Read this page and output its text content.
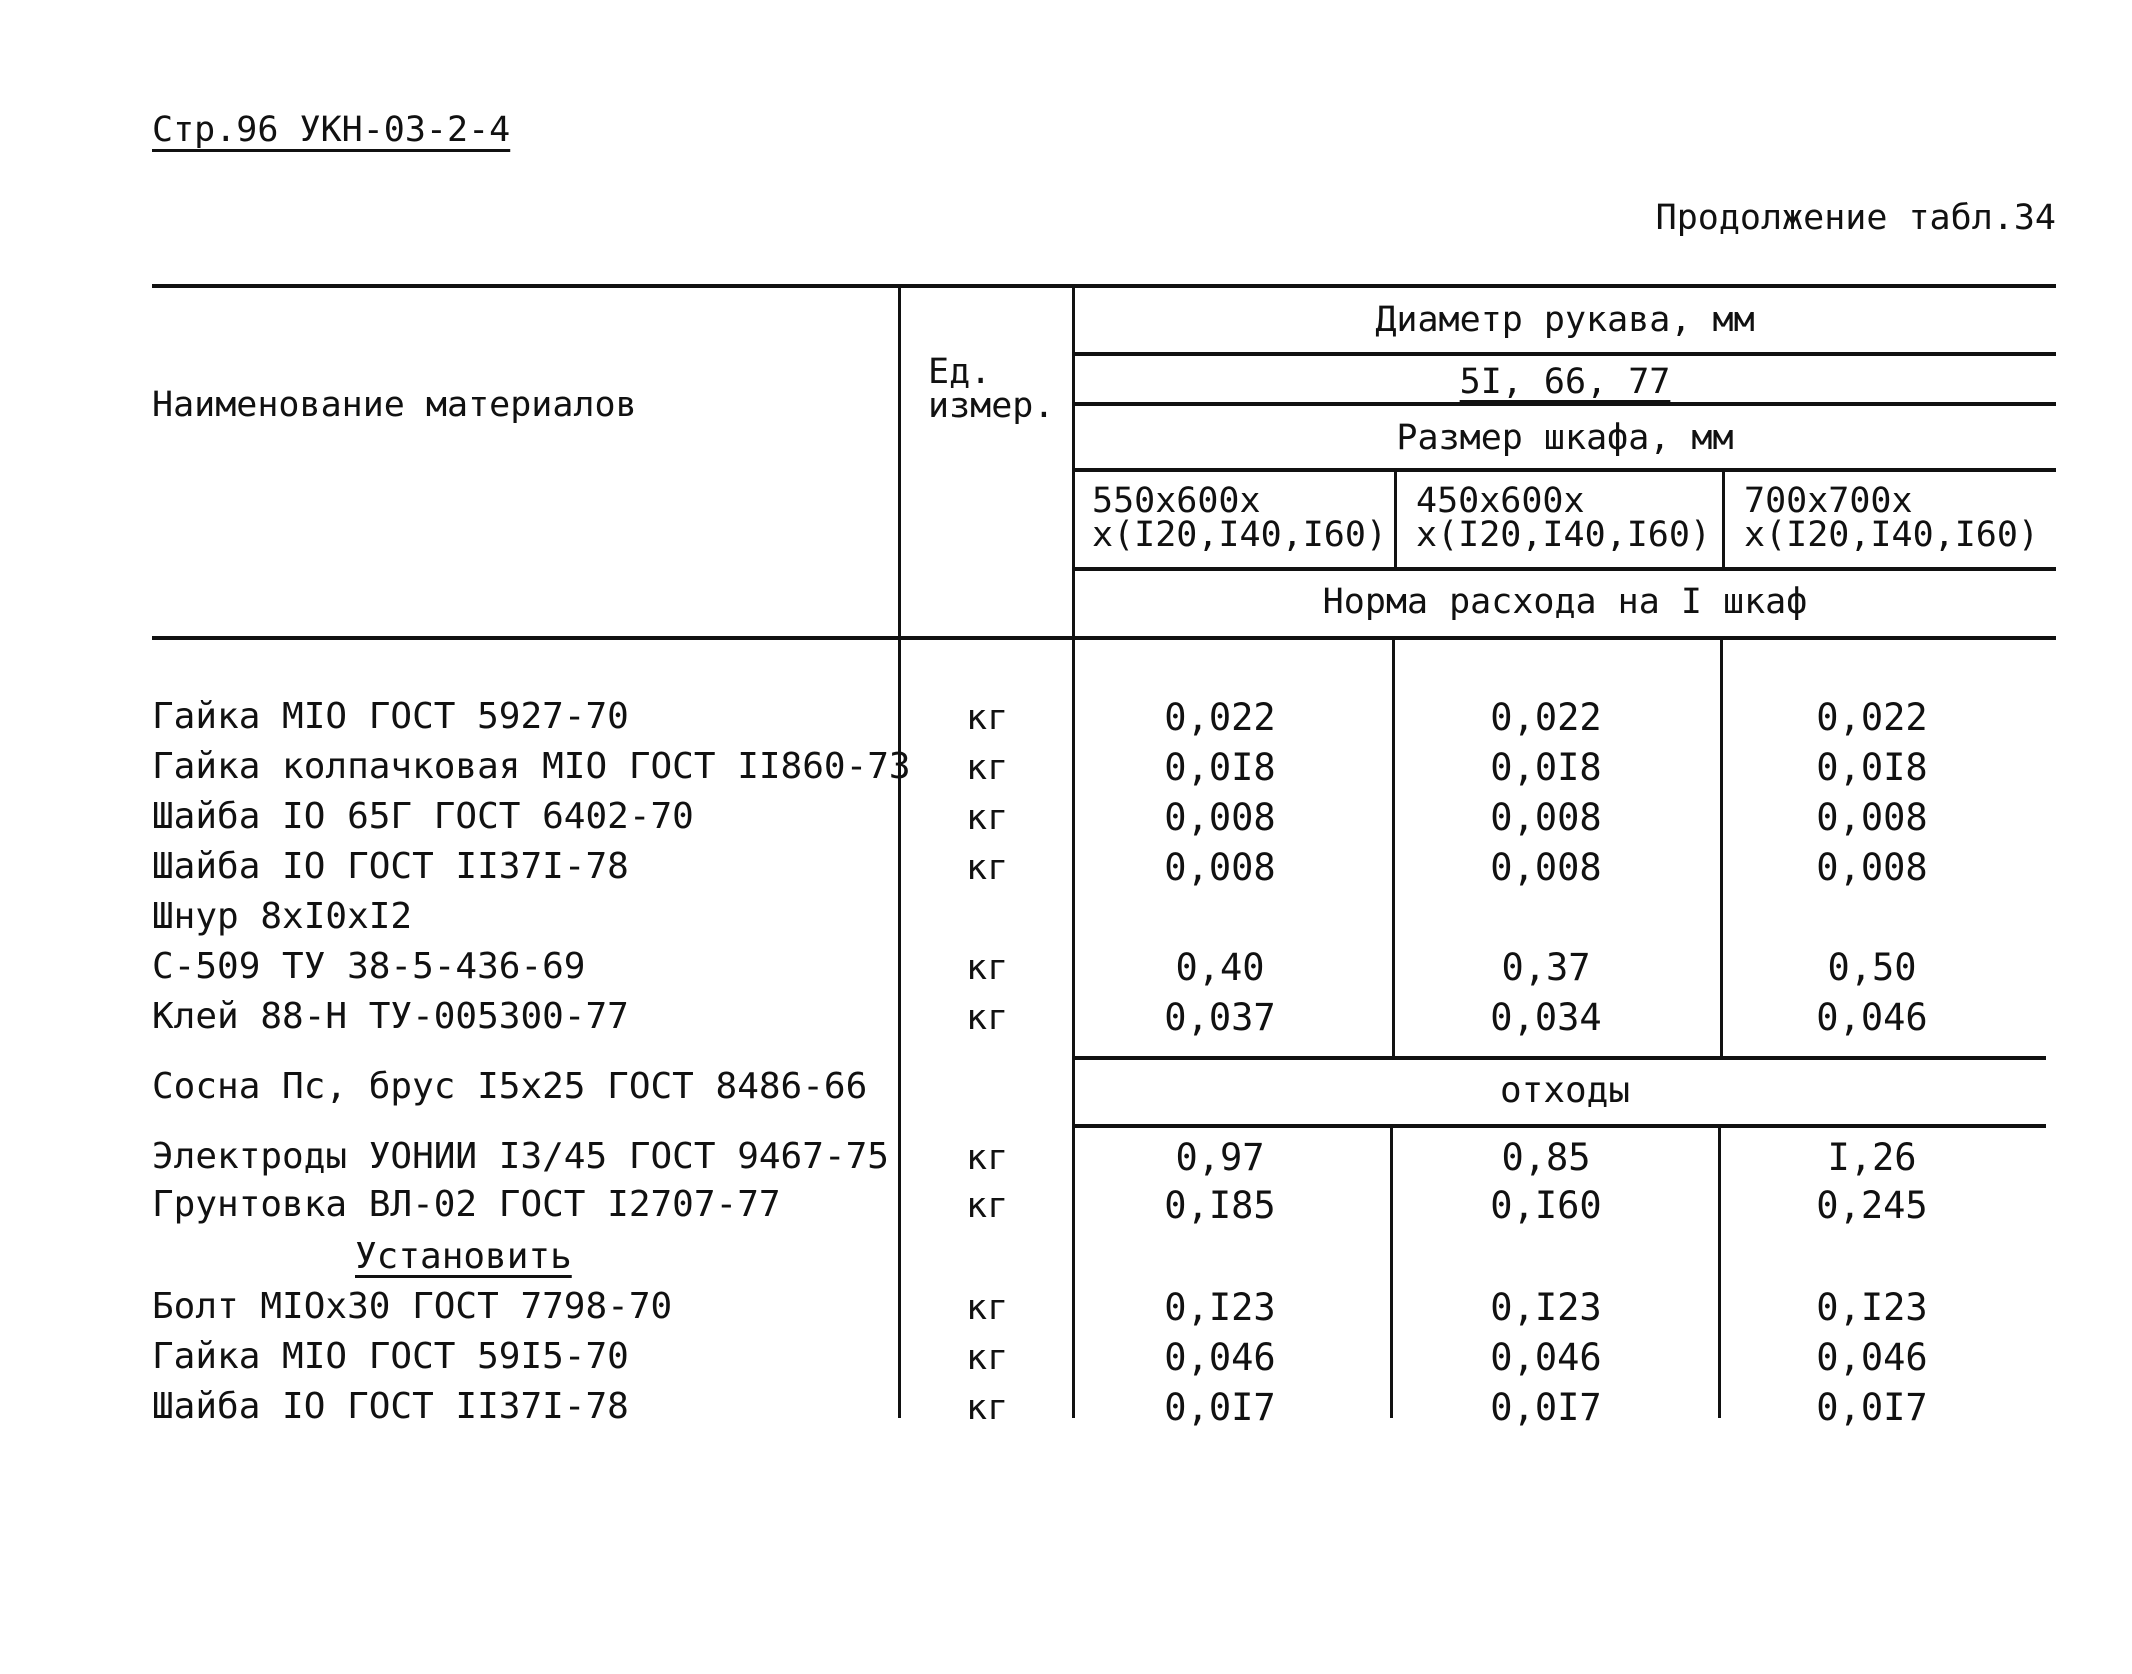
Стр.96 УКН-03-2-4
Продолжение табл.34
Наименование материалов
Ед.
измер.
Диаметр рукава, мм
5I, 66, 77
Размер шкафа, мм
550x600x
x(I20,I40,I60)
450x600x
x(I20,I40,I60)
700x700x
x(I20,I40,I60)
Норма расхода на I шкаф
Гайка MIO ГОСТ 5927-70	кг	0,022	0,022	0,022
Гайка колпачковая MIO ГОСТ II860-73 кг	0,0I8	0,0I8	0,0I8
Шайба IO 65Г ГОСТ 6402-70	кг	0,008	0,008	0,008
Шайба IO ГОСТ II37I-78	кг	0,008	0,008	0,008
Шнур 8xI0xI2
С-509 ТУ 38-5-436-69	кг	0,40	0,37	0,50
Клей 88-Н ТУ-005300-77	кг	0,037	0,034	0,046
Сосна Пс, брус I5x25 ГОСТ 8486-66
Электроды УОНИИ I3/45 ГОСТ 9467-75 кг	0,97	0,85	I,26
Грунтовка ВЛ-02 ГОСТ I2707-77	кг	0,I85	0,I60	0,245
Болт MIOx30 ГОСТ 7798-70	кг	0,I23	0,I23	0,I23
Гайка MIO ГОСТ 59I5-70	кг	0,046	0,046	0,046
Шайба IO ГОСТ II37I-78	кг	0,0I7	0,0I7	0,0I7
отходы
Установить
